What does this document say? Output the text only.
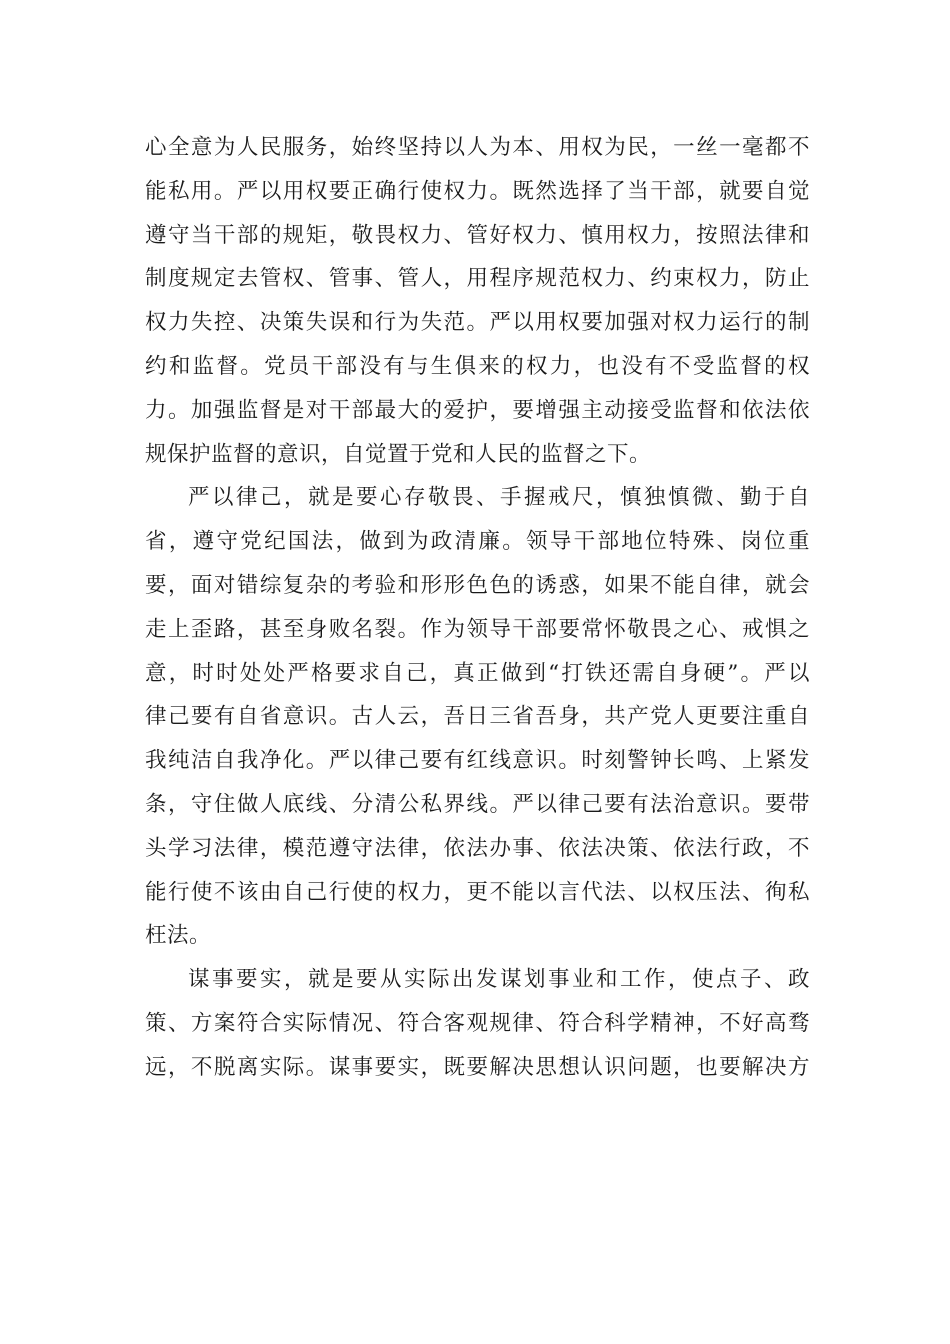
心全意为人民服务，始终坚持以人为本、用权为民，一丝一毫都不
能私用。严以用权要正确行使权力。既然选择了当干部，就要自觉
遵守当干部的规矩，敬畏权力、管好权力、慎用权力，按照法律和
制度规定去管权、管事、管人，用程序规范权力、约束权力，防止
权力失控、决策失误和行为失范。严以用权要加强对权力运行的制
约和监督。党员干部没有与生俱来的权力，也没有不受监督的权
力。加强监督是对干部最大的爱护，要增强主动接受监督和依法依
规保护监督的意识，自觉置于党和人民的监督之下。

严以律己，就是要心存敬畏、手握戒尺，慎独慎微、勤于自
省，遵守党纪国法，做到为政清廉。领导干部地位特殊、岗位重
要，面对错综复杂的考验和形形色色的诱惑，如果不能自律，就会
走上歪路，甚至身败名裂。作为领导干部要常怀敬畏之心、戒惧之
意，时时处处严格要求自己，真正做到“打铁还需自身硬”。严以
律己要有自省意识。古人云，吾日三省吾身，共产党人更要注重自
我纯洁自我净化。严以律己要有红线意识。时刻警钟长鸣、上紧发
条，守住做人底线、分清公私界线。严以律己要有法治意识。要带
头学习法律，模范遵守法律，依法办事、依法决策、依法行政，不
能行使不该由自己行使的权力，更不能以言代法、以权压法、徇私
枉法。

谋事要实，就是要从实际出发谋划事业和工作，使点子、政
策、方案符合实际情况、符合客观规律、符合科学精神，不好高骛
远，不脱离实际。谋事要实，既要解决思想认识问题，也要解决方
